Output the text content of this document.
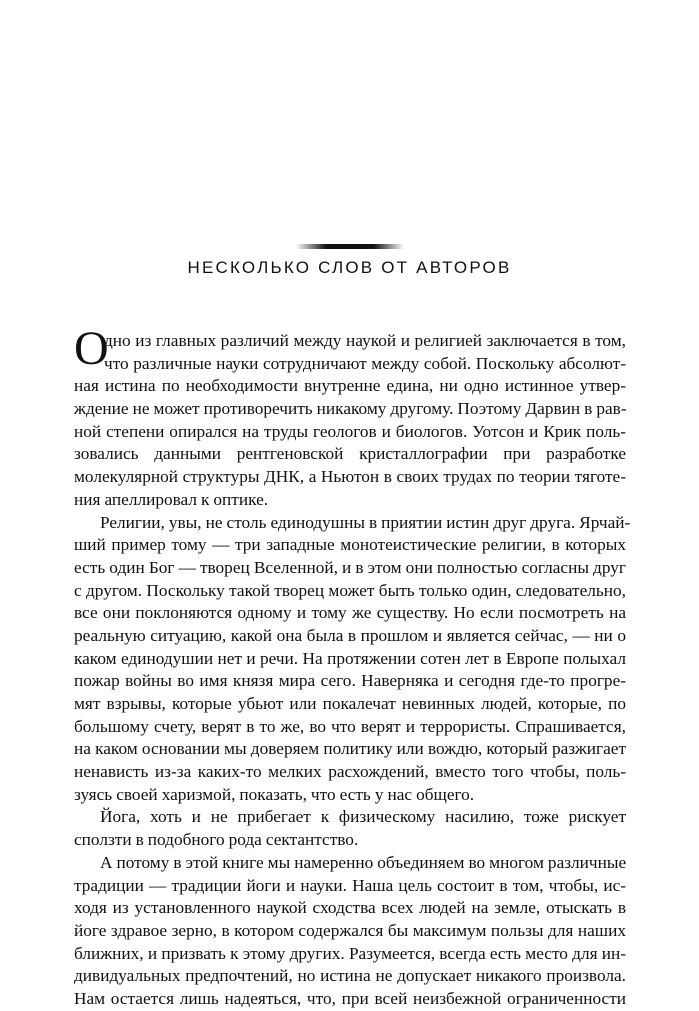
НЕСКОЛЬКО СЛОВ ОТ АВТОРОВ
О
дно из главных различий между наукой и религией заключается в том,
что различные науки сотрудничают между собой. Поскольку абсолют-
ная истина по необходимости внутренне едина, ни одно истинное утвер-
ждение не может противоречить никакому другому. Поэтому Дарвин в рав-
ной степени опирался на труды геологов и биологов. Уотсон и Крик поль-
зовались данными рентгеновской кристаллографии при разработке
молекулярной структуры ДНК, а Ньютон в своих трудах по теории тяготе-
ния апеллировал к оптике.
Религии, увы, не столь единодушны в приятии истин друг друга. Ярчай-
ший пример тому — три западные монотеистические религии, в которых
есть один Бог — творец Вселенной, и в этом они полностью согласны друг
с другом. Поскольку такой творец может быть только один, следовательно,
все они поклоняются одному и тому же существу. Но если посмотреть на
реальную ситуацию, какой она была в прошлом и является сейчас, — ни о
каком единодушии нет и речи. На протяжении сотен лет в Европе полыхал
пожар войны во имя князя мира сего. Наверняка и сегодня где-то прогре-
мят взрывы, которые убьют или покалечат невинных людей, которые, по
большому счету, верят в то же, во что верят и террористы. Спрашивается,
на каком основании мы доверяем политику или вождю, который разжигает
ненависть из-за каких-то мелких расхождений, вместо того чтобы, поль-
зуясь своей харизмой, показать, что есть у нас общего.
Йога, хоть и не прибегает к физическому насилию, тоже рискует
сползти в подобного рода сектантство.
А потому в этой книге мы намеренно объединяем во многом различные
традиции — традиции йоги и науки. Наша цель состоит в том, чтобы, ис-
ходя из установленного наукой сходства всех людей на земле, отыскать в
йоге здравое зерно, в котором содержался бы максимум пользы для наших
ближних, и призвать к этому других. Разумеется, всегда есть место для ин-
дивидуальных предпочтений, но истина не допускает никакого произвола.
Нам остается лишь надеяться, что, при всей неизбежной ограниченности
